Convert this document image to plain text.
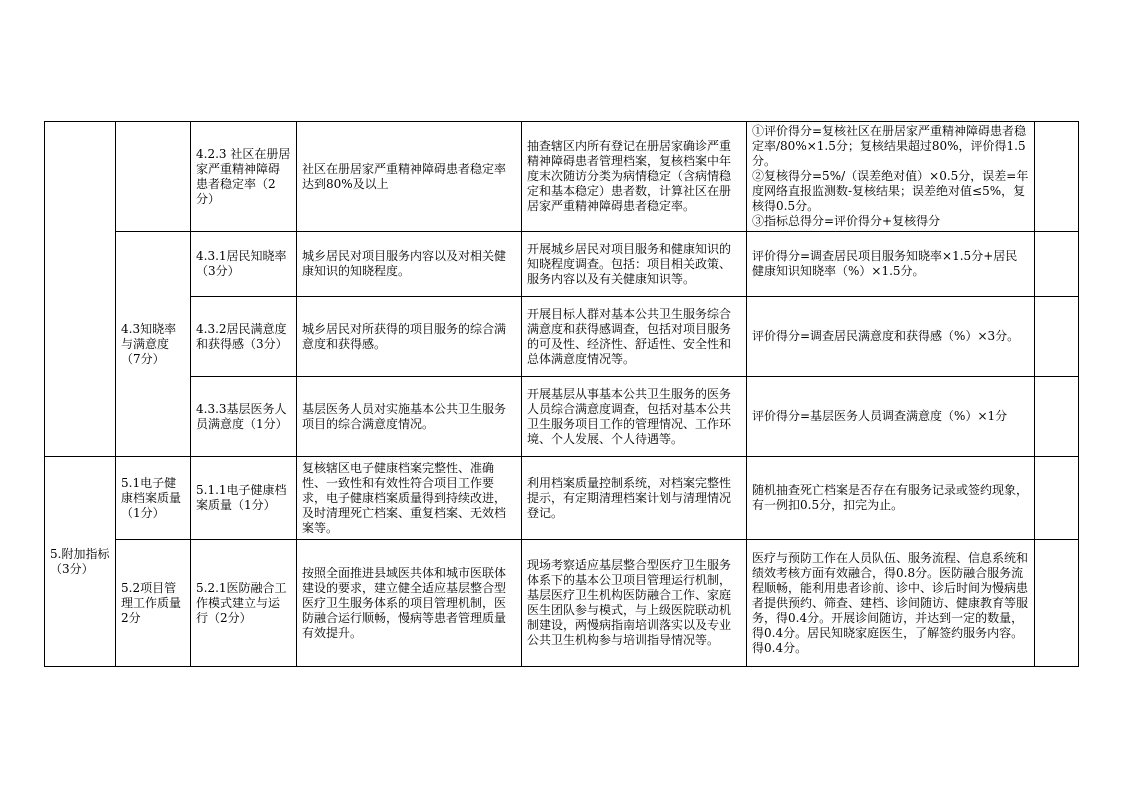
		4.2.3 社区在册居家严重精神障碍患者稳定率（2分）	社区在册居家严重精神障碍患者稳定率达到80%及以上	抽查辖区内所有登记在册居家确诊严重精神障碍患者管理档案，复核档案中年度末次随访分类为病情稳定（含病情稳定和基本稳定）患者数，计算社区在册居家严重精神障碍患者稳定率。	①评价得分=复核社区在册居家严重精神障碍患者稳定率/80%×1.5分；复核结果超过80%，评价得1.5分。
②复核得分=5%/（误差绝对值）×0.5分，误差=年度网络直报监测数-复核结果；误差绝对值≤5%，复核得0.5分。
③指标总得分=评价得分+复核得分	

	4.3知晓率与满意度（7分）	4.3.1居民知晓率（3分）	城乡居民对项目服务内容以及对相关健康知识的知晓程度。	开展城乡居民对项目服务和健康知识的知晓程度调查。包括：项目相关政策、服务内容以及有关健康知识等。	评价得分=调查居民项目服务知晓率×1.5分+居民健康知识知晓率（%）×1.5分。	
		4.3.2居民满意度和获得感（3分）	城乡居民对所获得的项目服务的综合满意度和获得感。	开展目标人群对基本公共卫生服务综合满意度和获得感调查，包括对项目服务的可及性、经济性、舒适性、安全性和总体满意度情况等。	评价得分=调查居民满意度和获得感（%）×3分。	
		4.3.3基层医务人员满意度（1分）	基层医务人员对实施基本公共卫生服务项目的综合满意度情况。	开展基层从事基本公共卫生服务的医务人员综合满意度调查，包括对基本公共卫生服务项目工作的管理情况、工作环境、个人发展、个人待遇等。	评价得分=基层医务人员调查满意度（%）×1分	
5.附加指标（3分）	5.1电子健康档案质量（1分）	5.1.1电子健康档案质量（1分）	复核辖区电子健康档案完整性、准确性、一致性和有效性符合项目工作要求，电子健康档案质量得到持续改进，及时清理死亡档案、重复档案、无效档案等。	利用档案质量控制系统，对档案完整性提示，有定期清理档案计划与清理情况登记。	随机抽查死亡档案是否存在有服务记录或签约现象，有一例扣0.5分，扣完为止。	
	5.2项目管理工作质量2分	5.2.1医防融合工作模式建立与运行（2分）	按照全面推进县域医共体和城市医联体建设的要求，建立健全适应基层整合型医疗卫生服务体系的项目管理机制，医防融合运行顺畅，慢病等患者管理质量有效提升。	现场考察适应基层整合型医疗卫生服务体系下的基本公卫项目管理运行机制，基层医疗卫生机构医防融合工作、家庭医生团队参与模式，与上级医院联动机制建设，两慢病指南培训落实以及专业公共卫生机构参与培训指导情况等。	医疗与预防工作在人员队伍、服务流程、信息系统和绩效考核方面有效融合，得0.8分。医防融合服务流程顺畅，能利用患者诊前、诊中、诊后时间为慢病患者提供预约、筛查、建档、诊间随访、健康教育等服务，得0.4分。开展诊间随访，并达到一定的数量，得0.4分。居民知晓家庭医生，了解签约服务内容。得0.4分。	
